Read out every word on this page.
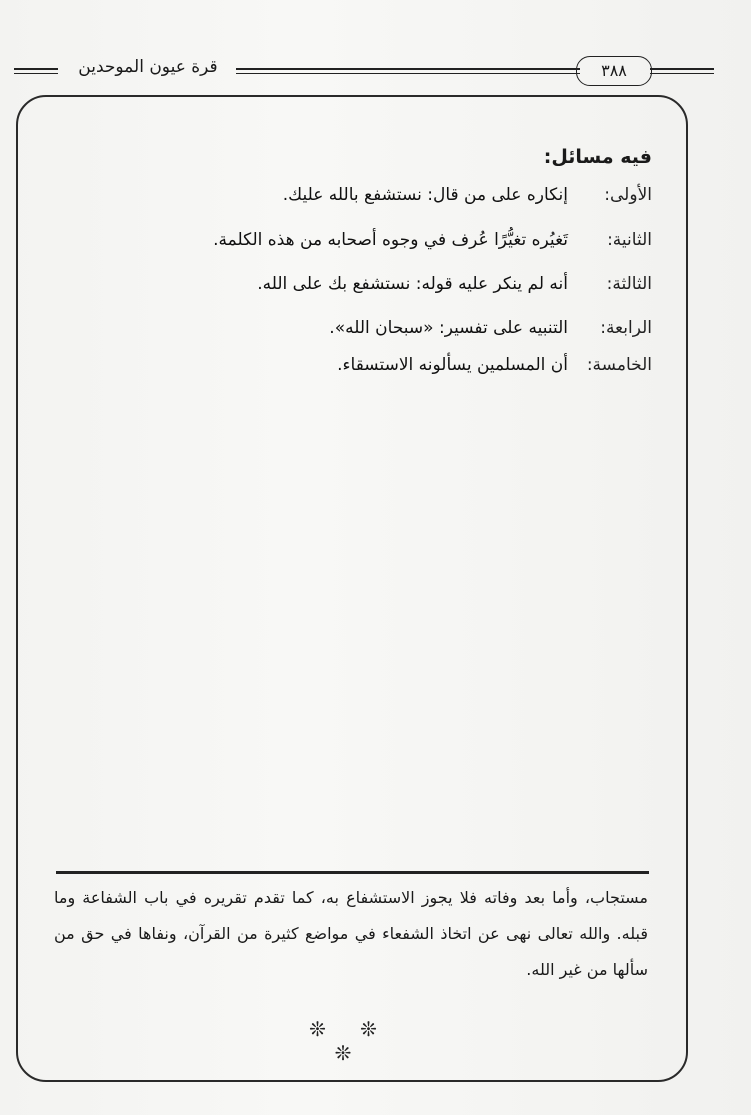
قرة عيون الموحدين	٣٨٨
فيه مسائل:
الأولى:إنكاره على من قال: نستشفع بالله عليك.
الثانية:تَغيُره تغيُّرًا عُرف في وجوه أصحابه من هذه الكلمة.
الثالثة:أنه لم ينكر عليه قوله: نستشفع بك على الله.
الرابعة:التنبيه على تفسير: «سبحان الله».
الخامسة:أن المسلمين يسألونه الاستسقاء.
مستجاب، وأما بعد وفاته فلا يجوز الاستشفاع به، كما تقدم تقريره في باب الشفاعة وما قبله. والله تعالى نهى عن اتخاذ الشفعاء في مواضع كثيرة من القرآن، ونفاها في حق من سألها من غير الله.
❊ ❊ ❊
